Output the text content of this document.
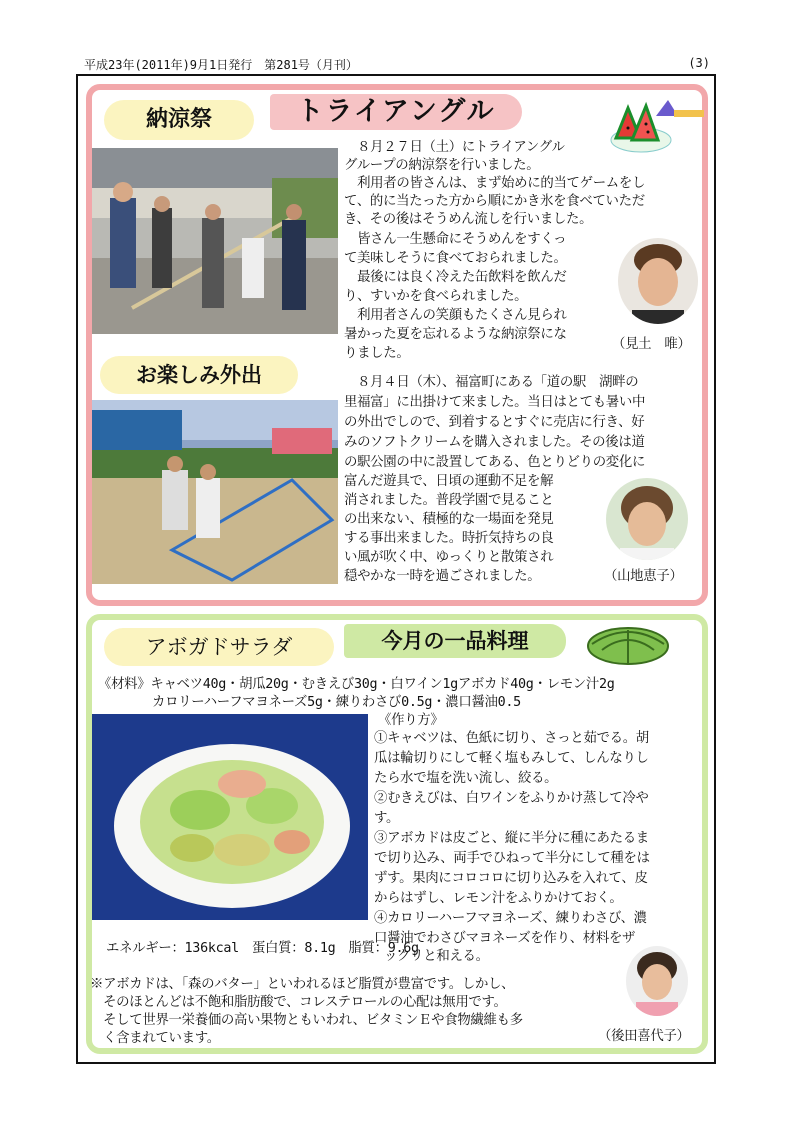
平成23年(2011年)9月1日発行　第281号（月刊）	(3)
納涼祭	トライアングル
　８月２７日（土）にトライアングル
グループの納涼祭を行いました。
　利用者の皆さんは、まず始めに的当てゲームをし
て、的に当たった方から順にかき氷を食べていただ
き、その後はそうめん流しを行いました。
　皆さん一生懸命にそうめんをすくっ
て美味しそうに食べておられました。
　最後には良く冷えた缶飲料を飲んだ
り、すいかを食べられました。
　利用者さんの笑顔もたくさん見られ
暑かった夏を忘れるような納涼祭にな
りました。
（見土　唯）
お楽しみ外出	　８月４日（木）、福富町にある「道の駅　湖畔の
里福富」に出掛けて来ました。当日はとても暑い中
の外出でしので、到着するとすぐに売店に行き、好
みのソフトクリームを購入されました。その後は道
の駅公園の中に設置してある、色とりどりの変化に
富んだ遊具で、日頃の運動不足を解
消されました。普段学園で見ること
の出来ない、積極的な一場面を発見
する事出来ました。時折気持ちの良
い風が吹く中、ゆっくりと散策され
穏やかな一時を過ごされました。	（山地恵子）
アボガドサラダ	今月の一品料理
《材料》キャベツ40g・胡瓜20g・むきえび30g・白ワイン1gアボカド40g・レモン汁2g
カロリーハーフマヨネーズ5g・練りわさび0.5g・濃口醤油0.5
《作り方》
①キャベツは、色紙に切り、さっと茹でる。胡
瓜は輪切りにして軽く塩もみして、しんなりし
たら水で塩を洗い流し、絞る。
②むきえびは、白ワインをふりかけ蒸して冷や
す。
③アボカドは皮ごと、縦に半分に種にあたるま
で切り込み、両手でひねって半分にして種をは
ずす。果肉にコロコロに切り込みを入れて、皮
からはずし、レモン汁をふりかけておく。
④カロリーハーフマヨネーズ、練りわさび、濃
口醤油でわさびマヨネーズを作り、材料をザ
ックリと和える。
エネルギー：136kcal　蛋白質：8.1g　脂質：9.6g
※アボカドは、「森のバター」といわれるほど脂質が豊富です。しかし、
　そのほとんどは不飽和脂肪酸で、コレステロールの心配は無用です。
　そして世界一栄養価の高い果物ともいわれ、ビタミンＥや食物繊維も多
　く含まれています。	（後田喜代子）
